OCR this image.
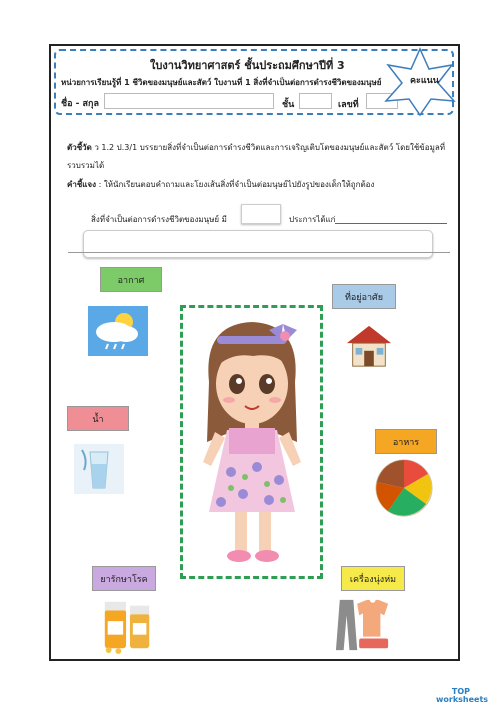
ใบงานวิทยาศาสตร์ ชั้นประถมศึกษาปีที่ 3
หน่วยการเรียนรู้ที่ 1 ชีวิตของมนุษย์และสัตว์ ใบงานที่ 1 สิ่งที่จำเป็นต่อการดำรงชีวิตของมนุษย์
ชื่อ - สกุล	ชั้น	เลขที่
คะแนน
ตัวชี้วัด ว 1.2 ป.3/1 บรรยายสิ่งที่จำเป็นต่อการดำรงชีวิตและการเจริญเติบโตของมนุษย์และสัตว์ โดยใช้ข้อมูลที่รวบรวมได้
คำชี้แจง : ให้นักเรียนตอบคำถามและโยงเส้นสิ่งที่จำเป็นต่อมนุษย์ไปยังรูปของเด็กให้ถูกต้อง
สิ่งที่จำเป็นต่อการดำรงชีวิตของมนุษย์ มี	ประการได้แก่
อากาศ
ที่อยู่อาศัย
น้ำ
อาหาร
ยารักษาโรค	เครื่องนุ่งห่ม
TOP
worksheets
